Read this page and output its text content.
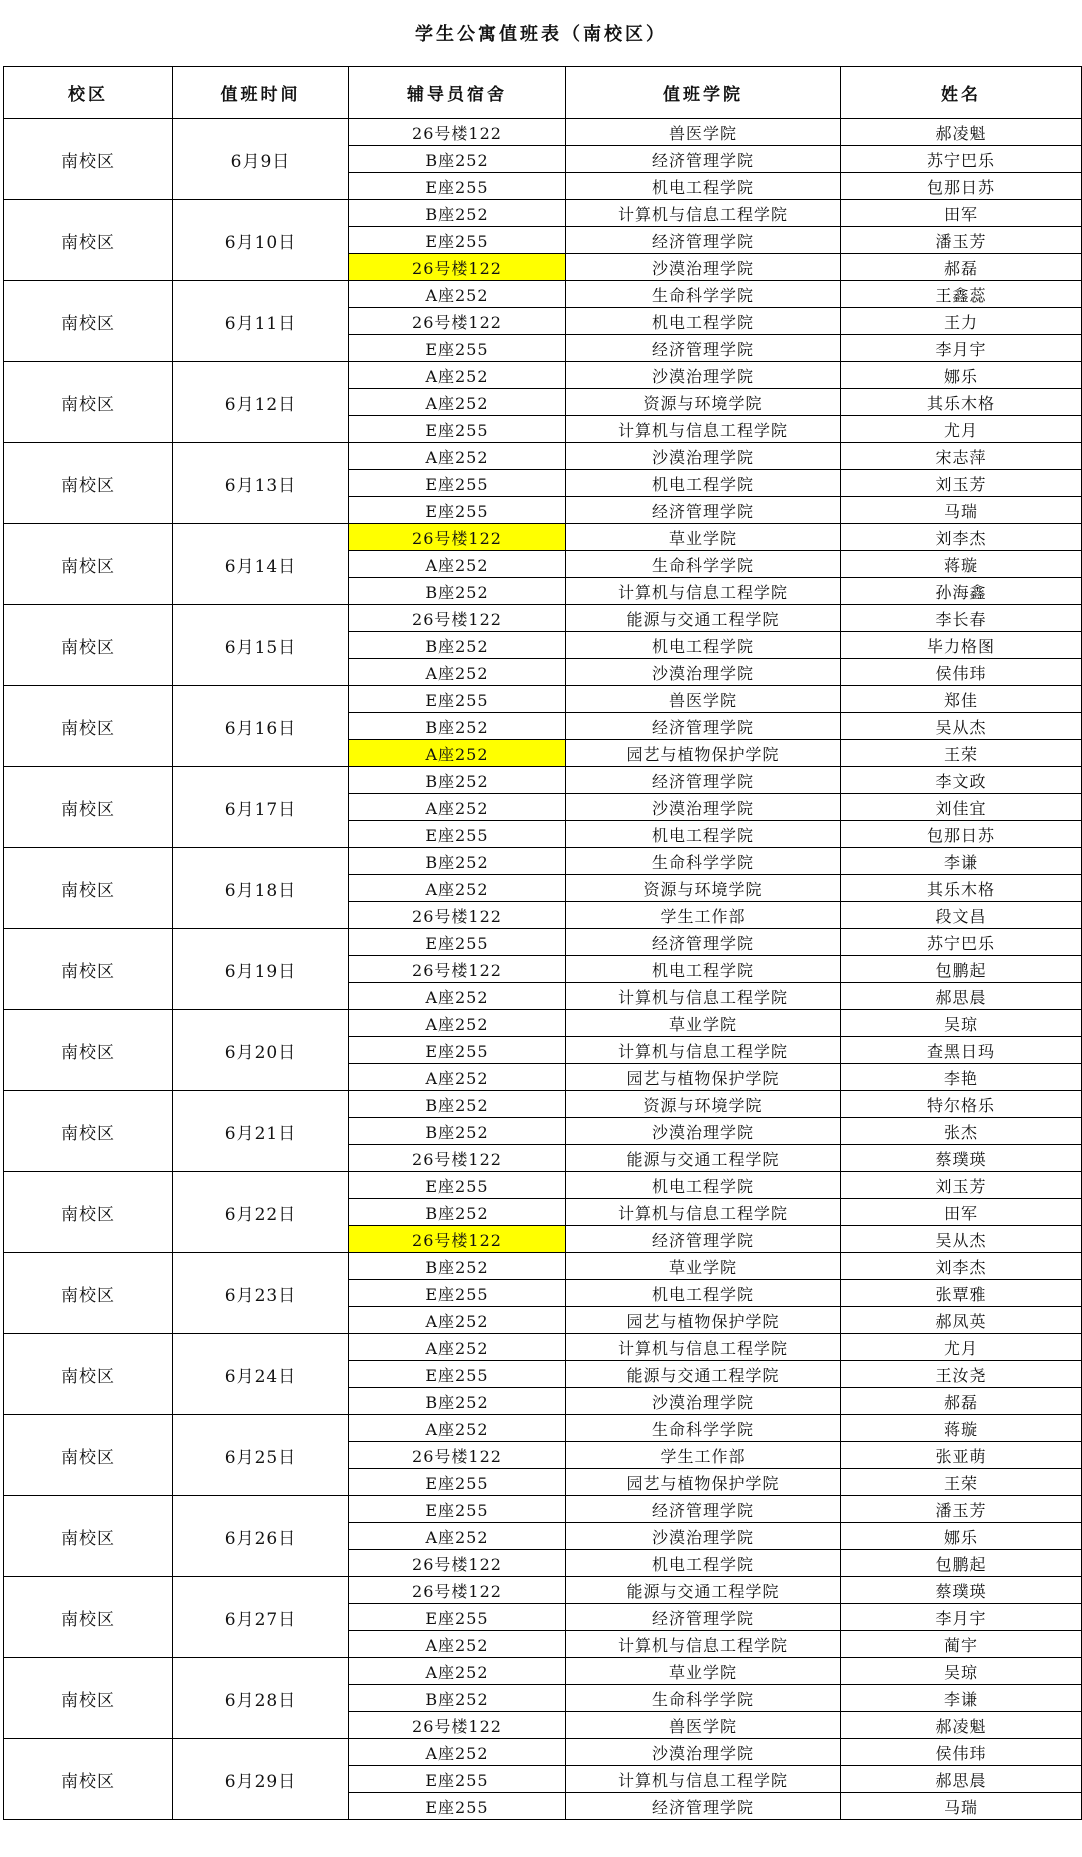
学生公寓值班表（南校区）
校区	值班时间	辅导员宿舍	值班学院	姓名
南校区	6月9日	26号楼122	兽医学院	郝凌魁
		B座252	经济管理学院	苏宁巴乐
		E座255	机电工程学院	包那日苏
南校区	6月10日	B座252	计算机与信息工程学院	田军
		E座255	经济管理学院	潘玉芳
		26号楼122	沙漠治理学院	郝磊
南校区	6月11日	A座252	生命科学学院	王鑫蕊
		26号楼122	机电工程学院	王力
		E座255	经济管理学院	李月宇
南校区	6月12日	A座252	沙漠治理学院	娜乐
		A座252	资源与环境学院	其乐木格
		E座255	计算机与信息工程学院	尤月
南校区	6月13日	A座252	沙漠治理学院	宋志萍
		E座255	机电工程学院	刘玉芳
		E座255	经济管理学院	马瑞
南校区	6月14日	26号楼122	草业学院	刘李杰
		A座252	生命科学学院	蒋璇
		B座252	计算机与信息工程学院	孙海鑫
南校区	6月15日	26号楼122	能源与交通工程学院	李长春
		B座252	机电工程学院	毕力格图
		A座252	沙漠治理学院	侯伟玮
南校区	6月16日	E座255	兽医学院	郑佳
		B座252	经济管理学院	吴从杰
		A座252	园艺与植物保护学院	王荣
南校区	6月17日	B座252	经济管理学院	李文政
		A座252	沙漠治理学院	刘佳宜
		E座255	机电工程学院	包那日苏
南校区	6月18日	B座252	生命科学学院	李谦
		A座252	资源与环境学院	其乐木格
		26号楼122	学生工作部	段文昌
南校区	6月19日	E座255	经济管理学院	苏宁巴乐
		26号楼122	机电工程学院	包鹏起
		A座252	计算机与信息工程学院	郝思晨
南校区	6月20日	A座252	草业学院	吴琼
		E座255	计算机与信息工程学院	查黑日玛
		A座252	园艺与植物保护学院	李艳
南校区	6月21日	B座252	资源与环境学院	特尔格乐
		B座252	沙漠治理学院	张杰
		26号楼122	能源与交通工程学院	蔡璞瑛
南校区	6月22日	E座255	机电工程学院	刘玉芳
		B座252	计算机与信息工程学院	田军
		26号楼122	经济管理学院	吴从杰
南校区	6月23日	B座252	草业学院	刘李杰
		E座255	机电工程学院	张覃雅
		A座252	园艺与植物保护学院	郝凤英
南校区	6月24日	A座252	计算机与信息工程学院	尤月
		E座255	能源与交通工程学院	王汝尧
		B座252	沙漠治理学院	郝磊
南校区	6月25日	A座252	生命科学学院	蒋璇
		26号楼122	学生工作部	张亚萌
		E座255	园艺与植物保护学院	王荣
南校区	6月26日	E座255	经济管理学院	潘玉芳
		A座252	沙漠治理学院	娜乐
		26号楼122	机电工程学院	包鹏起
南校区	6月27日	26号楼122	能源与交通工程学院	蔡璞瑛
		E座255	经济管理学院	李月宇
		A座252	计算机与信息工程学院	蔺宇
南校区	6月28日	A座252	草业学院	吴琼
		B座252	生命科学学院	李谦
		26号楼122	兽医学院	郝凌魁
南校区	6月29日	A座252	沙漠治理学院	侯伟玮
		E座255	计算机与信息工程学院	郝思晨
		E座255	经济管理学院	马瑞
